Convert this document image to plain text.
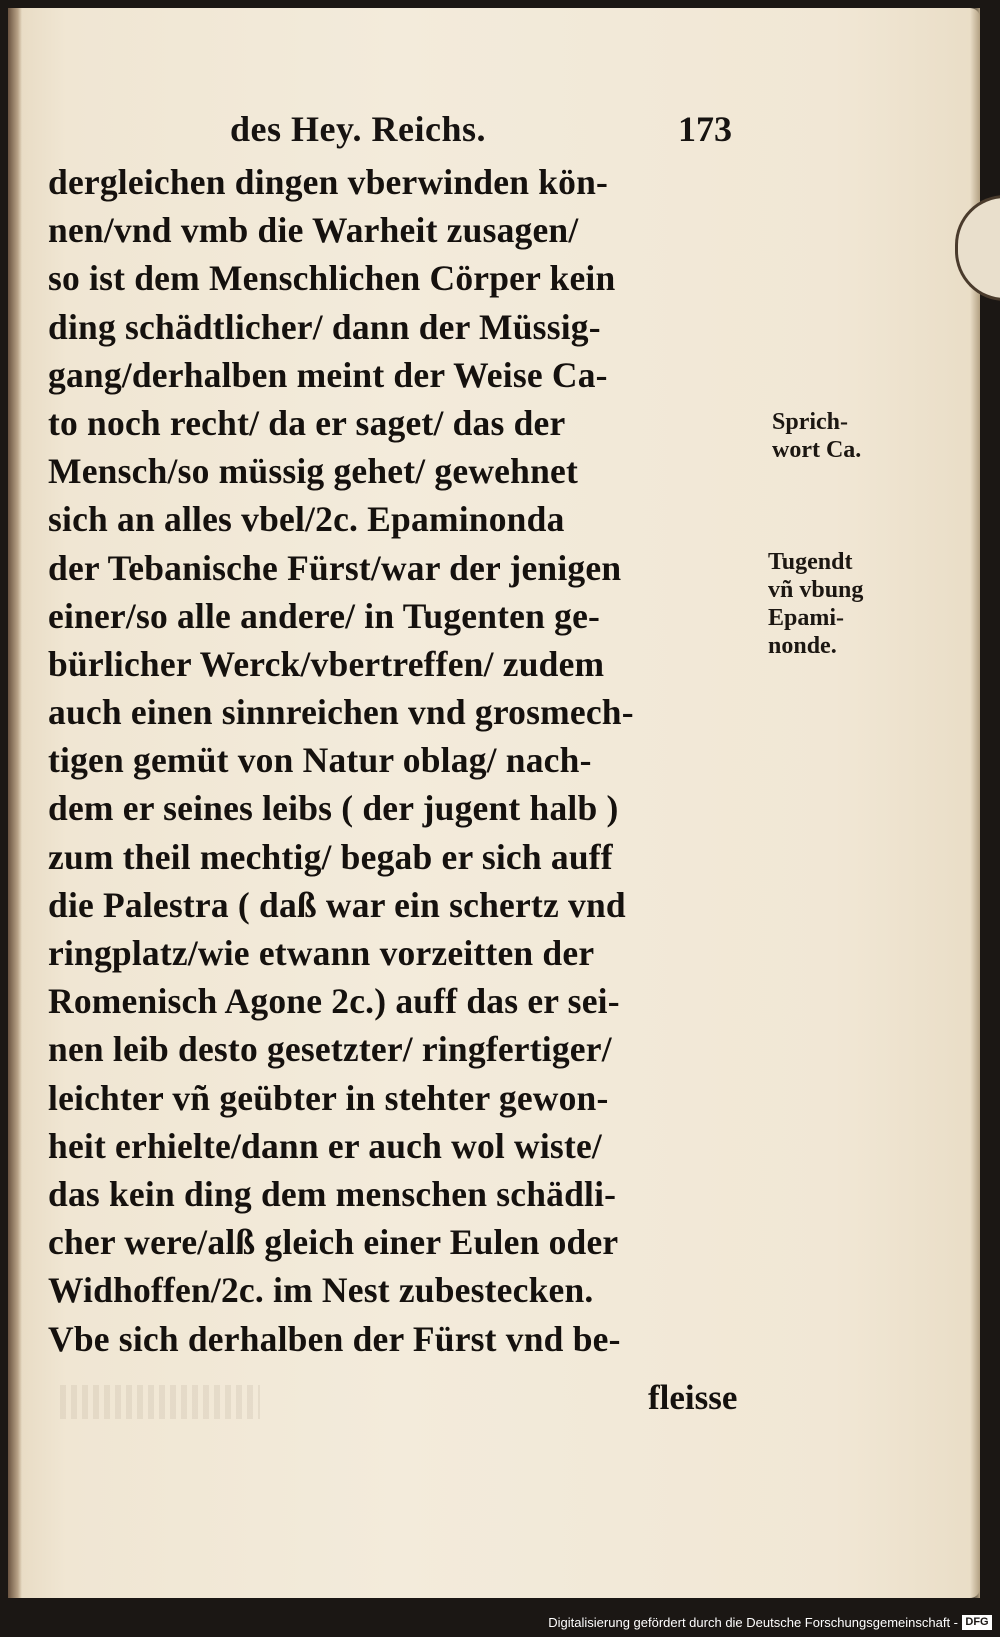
des Hey. Reichs.	173
dergleichen dingen vberwinden kön-
nen/vnd vmb die Warheit zusagen/
so ist dem Menschlichen Cörper kein
ding schädtlicher/ dann der Müssig-
gang/derhalben meint der Weise Ca-
to noch recht/ da er saget/ das der
Mensch/so müssig gehet/ gewehnet
sich an alles vbel/2c. Epaminonda
der Tebanische Fürst/war der jenigen
einer/so alle andere/ in Tugenten ge-
bürlicher Werck/vbertreffen/ zudem
auch einen sinnreichen vnd grosmech-
tigen gemüt von Natur oblag/ nach-
dem er seines leibs ( der jugent halb )
zum theil mechtig/ begab er sich auff
die Palestra ( daß war ein schertz vnd
ringplatz/wie etwann vorzeitten der
Romenisch Agone 2c.) auff das er sei-
nen leib desto gesetzter/ ringfertiger/
leichter vñ geübter in stehter gewon-
heit erhielte/dann er auch wol wiste/
das kein ding dem menschen schädli-
cher were/alß gleich einer Eulen oder
Widhoffen/2c. im Nest zubestecken.
Vbe sich derhalben der Fürst vnd be-
fleisse
Sprich-
wort Ca.
Tugendt
vñ vbung
Epami-
nonde.
Digitalisierung gefördert durch die Deutsche Forschungsgemeinschaft - DFG
